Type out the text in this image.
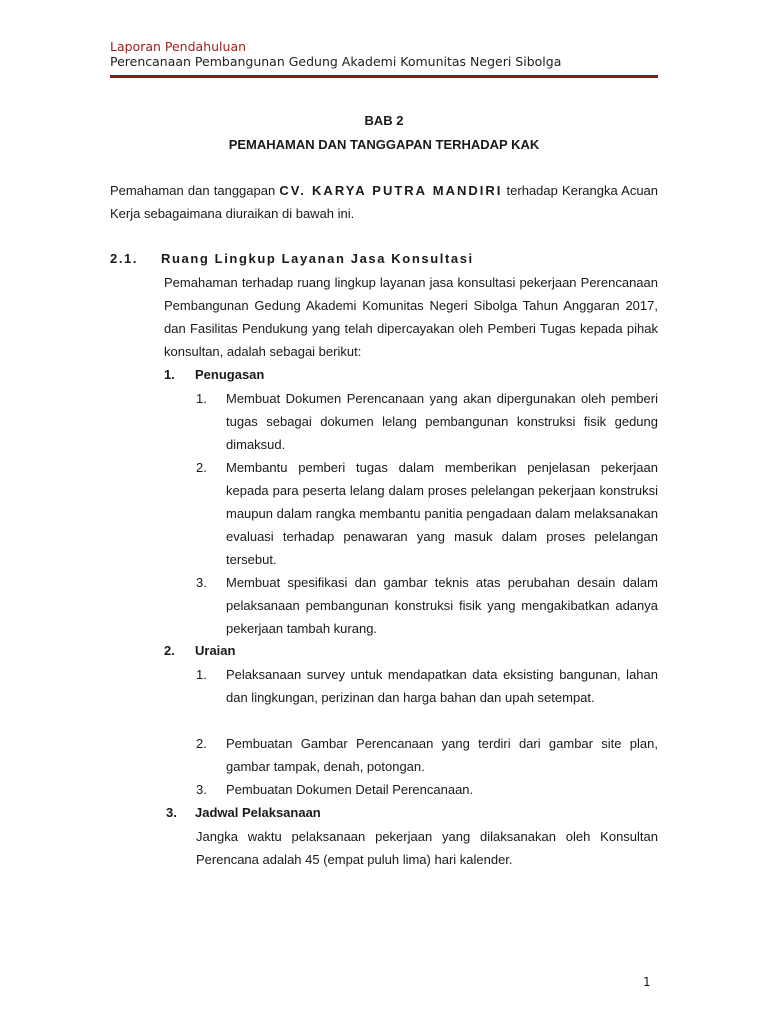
Laporan Pendahuluan
Perencanaan Pembangunan Gedung Akademi Komunitas Negeri Sibolga
BAB 2
PEMAHAMAN DAN TANGGAPAN TERHADAP KAK
Pemahaman dan tanggapan CV. KARYA PUTRA MANDIRI terhadap Kerangka Acuan Kerja sebagaimana diuraikan di bawah ini.
2.1. Ruang Lingkup Layanan Jasa Konsultasi
Pemahaman terhadap ruang lingkup layanan jasa konsultasi pekerjaan Perencanaan Pembangunan Gedung Akademi Komunitas Negeri Sibolga Tahun Anggaran 2017, dan Fasilitas Pendukung yang telah dipercayakan oleh Pemberi Tugas kepada pihak konsultan, adalah sebagai berikut:
1. Penugasan
1. Membuat Dokumen Perencanaan yang akan dipergunakan oleh pemberi tugas sebagai dokumen lelang pembangunan konstruksi fisik gedung dimaksud.
2. Membantu pemberi tugas dalam memberikan penjelasan pekerjaan kepada para peserta lelang dalam proses pelelangan pekerjaan konstruksi maupun dalam rangka membantu panitia pengadaan dalam melaksanakan evaluasi terhadap penawaran yang masuk dalam proses pelelangan tersebut.
3. Membuat spesifikasi dan gambar teknis atas perubahan desain dalam pelaksanaan pembangunan konstruksi fisik yang mengakibatkan adanya pekerjaan tambah kurang.
2. Uraian
1. Pelaksanaan survey untuk mendapatkan data eksisting bangunan, lahan dan lingkungan, perizinan dan harga bahan dan upah setempat.
2. Pembuatan Gambar Perencanaan yang terdiri dari gambar site plan, gambar tampak, denah, potongan.
3. Pembuatan Dokumen Detail Perencanaan.
3. Jadwal Pelaksanaan
Jangka waktu pelaksanaan pekerjaan yang dilaksanakan oleh Konsultan Perencana adalah 45 (empat puluh lima) hari kalender.
1
